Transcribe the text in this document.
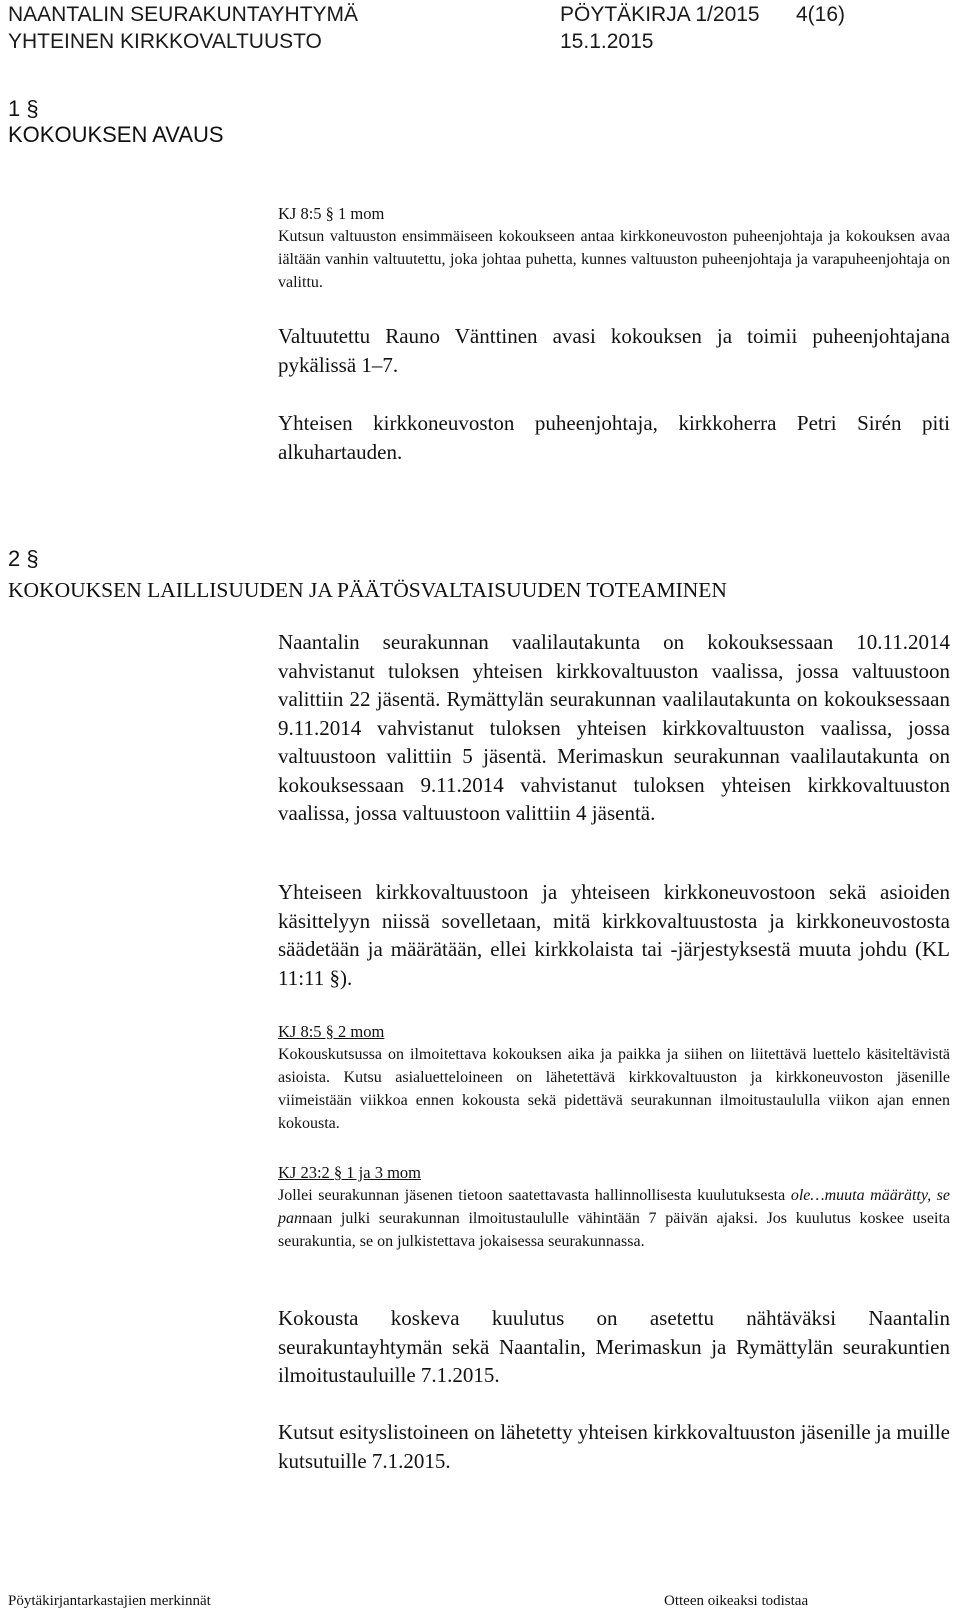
NAANTALIN SEURAKUNTAYHTYMÄ	PÖYTÄKIRJA 1/2015 4(16)
YHTEINEN KIRKKOVALTUUSTO	15.1.2015
1 §
KOKOUKSEN AVAUS

KJ 8:5 § 1 mom

Kutsun valtuuston ensimmäiseen kokoukseen antaa kirkkoneuvoston puheenjohtaja ja kokouksen avaa iältään vanhin valtuutettu, joka johtaa puhetta, kunnes valtuuston puheenjohtaja ja varapuheenjohtaja on valittu.

Valtuutettu Rauno Vänttinen avasi kokouksen ja toimii puheenjohtajana pykälissä 1–7.

Yhteisen kirkkoneuvoston puheenjohtaja, kirkkoherra Petri Sirén piti alkuhartauden.

2 §
KOKOUKSEN LAILLISUUDEN JA PÄÄTÖSVALTAISUUDEN TOTEAMINEN

Naantalin seurakunnan vaalilautakunta on kokouksessaan 10.11.2014 vahvistanut tuloksen yhteisen kirkkovaltuuston vaalissa, jossa valtuustoon valittiin 22 jäsentä. Rymättylän seurakunnan vaalilautakunta on kokouksessaan 9.11.2014 vahvistanut tuloksen yhteisen kirkkovaltuuston vaalissa, jossa valtuustoon valittiin 5 jäsentä. Merimaskun seurakunnan vaalilautakunta on kokouksessaan 9.11.2014 vahvistanut tuloksen yhteisen kirkkovaltuuston vaalissa, jossa valtuustoon valittiin 4 jäsentä.

Yhteiseen kirkkovaltuustoon ja yhteiseen kirkkoneuvostoon sekä asioiden käsittelyyn niissä sovelletaan, mitä kirkkovaltuustosta ja kirkkoneuvostosta säädetään ja määrätään, ellei kirkkolaista tai -järjestyksestä muuta johdu (KL 11:11 §).

KJ 8:5 § 2 mom

Kokouskutsussa on ilmoitettava kokouksen aika ja paikka ja siihen on liitettävä luettelo käsiteltävistä asioista. Kutsu asialuetteloineen on lähetettävä kirkkovaltuuston ja kirkkoneuvoston jäsenille viimeistään viikkoa ennen kokousta sekä pidettävä seurakunnan ilmoitustaululla viikon ajan ennen kokousta.

KJ 23:2 § 1 ja 3 mom

Jollei seurakunnan jäsenen tietoon saatettavasta hallinnollisesta kuulutuksesta ole…muuta määrätty, se pannaan julki seurakunnan ilmoitustaululle vähintään 7 päivän ajaksi. Jos kuulutus koskee useita seurakuntia, se on julkistettava jokaisessa seurakunnassa.

Kokousta koskeva kuulutus on asetettu nähtäväksi Naantalin seurakuntayhtymän sekä Naantalin, Merimaskun ja Rymättylän seurakuntien ilmoitustauluille 7.1.2015.

Kutsut esityslistoineen on lähetetty yhteisen kirkkovaltuuston jäsenille ja muille kutsutuille 7.1.2015.

Pöytäkirjantarkastajien merkinnät	Otteen oikeaksi todistaa
